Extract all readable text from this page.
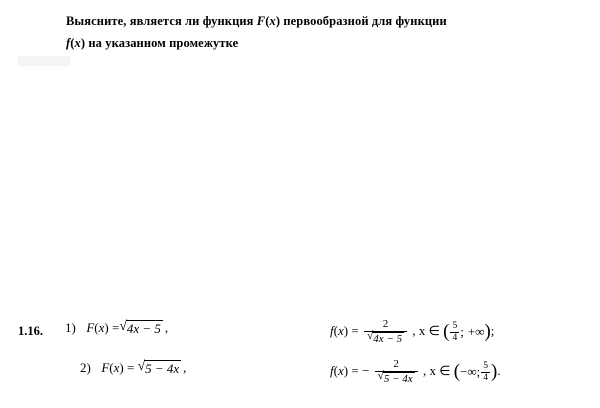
Выясните, является ли функция F(x) первообразной для функции
f(x) на указанном промежутке
1.16. 1) F(x) = √ 4x − 5 ,	$f(x) = \frac{2}{√ 4x - 5}$ , x ∈ ( $\frac{5}{4}$ ; +∞ ) ;
2) F(x) = √ 5 − 4x ,	f(x) = − $\frac{2}{√ 5 - 4x}$ , x ∈ ( −∞ ; $\frac{5}{4}$ ) .
